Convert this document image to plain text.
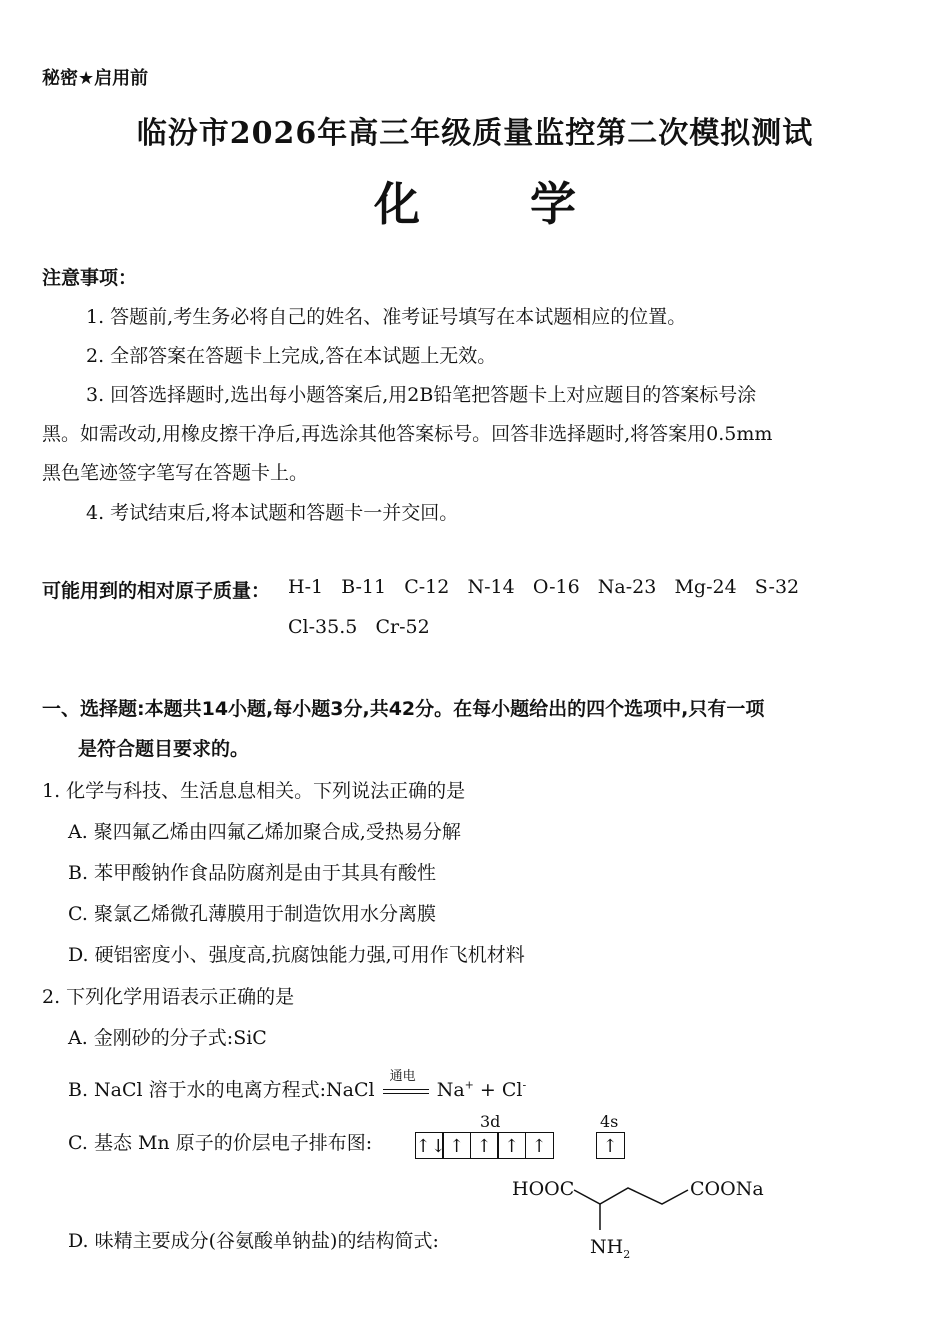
秘密★启用前
临汾市2026年高三年级质量监控第二次模拟测试
化学
注意事项：
1. 答题前,考生务必将自己的姓名、准考证号填写在本试题相应的位置。
2. 全部答案在答题卡上完成,答在本试题上无效。
3. 回答选择题时,选出每小题答案后,用2B铅笔把答题卡上对应题目的答案标号涂
黑。如需改动,用橡皮擦干净后,再选涂其他答案标号。回答非选择题时,将答案用0.5mm
黑色笔迹签字笔写在答题卡上。
4. 考试结束后,将本试题和答题卡一并交回。
可能用到的相对原子质量： H-1   B-11   C-12   N-14   O-16   Na-23   Mg-24   S-32
Cl-35.5   Cr-52
一、选择题:本题共14小题,每小题3分,共42分。在每小题给出的四个选项中,只有一项
是符合题目要求的。
1. 化学与科技、生活息息相关。下列说法正确的是
A. 聚四氟乙烯由四氟乙烯加聚合成,受热易分解
B. 苯甲酸钠作食品防腐剂是由于其具有酸性
C. 聚氯乙烯微孔薄膜用于制造饮用水分离膜
D. 硬铝密度小、强度高,抗腐蚀能力强,可用作飞机材料
2. 下列化学用语表示正确的是
A. 金刚砂的分子式:SiC
B. NaCl 溶于水的电离方程式:NaCl
通电
Na+ + Cl-
C. 基态 Mn 原子的价层电子排布图:
3d	4s
↑↓ ↑ ↑ ↑ ↑	↑
D. 味精主要成分(谷氨酸单钠盐)的结构简式:
HOOC	COONa
$NH_2$
